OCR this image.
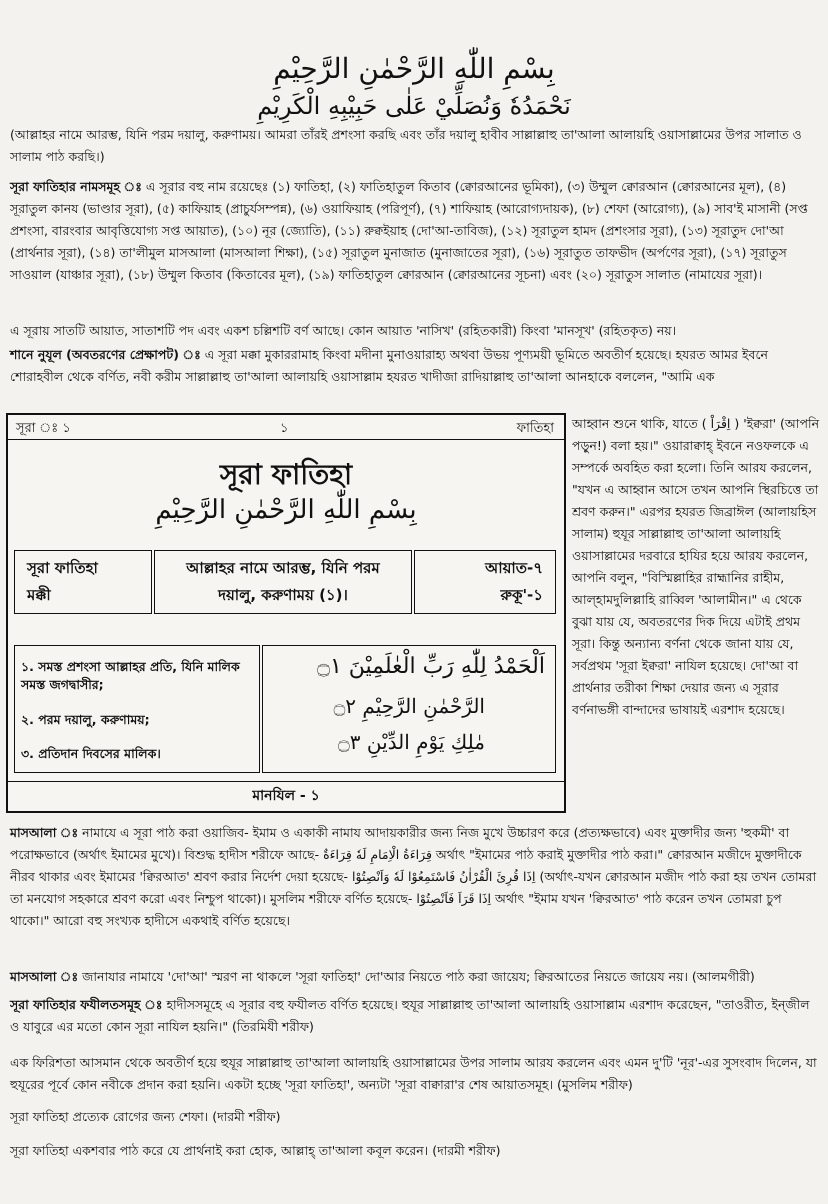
بِسْمِ اللّٰهِ الرَّحْمٰنِ الرَّحِيْمِ
نَحْمَدُهٗ وَنُصَلِّيْ عَلٰى حَبِيْبِهِ الْكَرِيْمِ
(আল্লাহর নামে আরম্ভ, যিনি পরম দয়ালু, করুণাময়। আমরা তাঁরই প্রশংসা করছি এবং তাঁর দয়ালু হাবীব সাল্লাল্লাহু তা'আলা আলায়হি ওয়াসাল্লামের উপর সালাত ও সালাম পাঠ করছি।)
সূরা ফাতিহার নামসমূহ ঃ এ সূরার বহু নাম রয়েছেঃ (১) ফাতিহা, (২) ফাতিহাতুল কিতাব (ক্বোরআনের ভূমিকা), (৩) উম্মুল ক্বোরআন (ক্বোরআনের মূল), (৪) সূরাতুল কানয (ভাণ্ডার সূরা), (৫) কাফিয়াহ (প্রাচুর্যসম্পন্ন), (৬) ওয়াফিয়াহ (পরিপূর্ণ), (৭) শাফিয়াহ (আরোগ্যদায়ক), (৮) শেফা (আরোগ্য), (৯) সাব'ই মাসানী (সপ্ত প্রশংসা, বারংবার আবৃত্তিযোগ্য সপ্ত আয়াত), (১০) নূর (জ্যোতি), (১১) রুক্বইয়াহ (দো'আ-তাবিজ), (১২) সূরাতুল হামদ (প্রশংসার সূরা), (১৩) সূরাতুদ দো'আ (প্রার্থনার সূরা), (১৪) তা'লীমুল মাসআলা (মাসআলা শিক্ষা), (১৫) সূরাতুল মুনাজাত (মুনাজাতের সূরা), (১৬) সূরাতুত তাফভীদ (অর্পণের সূরা), (১৭) সূরাতুস সাওয়াল (যাঞ্চার সূরা), (১৮) উম্মুল কিতাব (কিতাবের মূল), (১৯) ফাতিহাতুল ক্বোরআন (ক্বোরআনের সূচনা) এবং (২০) সূরাতুস সালাত (নামাযের সূরা)।
এ সূরায় সাতটি আয়াত, সাতাশটি পদ এবং একশ চল্লিশটি বর্ণ আছে। কোন আয়াত 'নাসিখ' (রহিতকারী) কিংবা 'মানসূখ' (রহিতকৃত) নয়।
শানে নুযূল (অবতরণের প্রেক্ষাপট) ঃ এ সূরা মক্কা মুকাররামাহ কিংবা মদীনা মুনাওয়ারাহ্য অথবা উভয় পূণ্যময়ী ভূমিতে অবতীর্ণ হয়েছে। হযরত আমর ইবনে শোরাহবীল থেকে বর্ণিত, নবী করীম সাল্লাল্লাহু তা'আলা আলায়হি ওয়াসাল্লাম হযরত খাদীজা রাদিয়াল্লাহু তা'আলা আনহাকে বললেন, "আমি এক
সূরা ঃ ১	১	ফাতিহা
সূরা ফাতিহা
بِسْمِ اللّٰهِ الرَّحْمٰنِ الرَّحِيْمِ
সূরা ফাতিহা
মক্কী
আল্লাহর নামে আরম্ভ, যিনি পরম
দয়ালু, করুণাময় (১)।
আয়াত-৭
রুকূ'-১
১. সমস্ত প্রশংসা আল্লাহর প্রতি, যিনি মালিক সমস্ত জগদ্বাসীর;
২. পরম দয়ালু, করুণাময়;
৩. প্রতিদান দিবসের মালিক।
اَلْحَمْدُ لِلّٰهِ رَبِّ الْعٰلَمِيْنَ ۝١
الرَّحْمٰنِ الرَّحِيْمِ ۝٢
مٰلِكِ يَوْمِ الدِّيْنِ ۝٣
মানযিল - ১
আহ্বান শুনে থাকি, যাতে ( اِقْرَاْ ) 'ইক্বরা' (আপনি পড়ুন!) বলা হয়।" ওয়ারাক্বাহ্ ইবনে নওফলকে এ সম্পর্কে অবহিত করা হলো। তিনি আরয করলেন, "যখন এ আহ্বান আসে তখন আপনি স্থিরচিত্তে তা শ্রবণ করুন।" এরপর হযরত জিব্রাঈল (আলায়হিস সালাম) হুযূর সাল্লাল্লাহু তা'আলা আলায়হি ওয়াসাল্লামের দরবারে হাযির হয়ে আরয করলেন, আপনি বলুন, "বিস্মিল্লাহির রাহ্মানির রাহীম, আল্হামদুলিল্লাহি রাব্বিল 'আলামীন।" এ থেকে বুঝা যায় যে, অবতরণের দিক দিয়ে এটাই প্রথম সূরা। কিন্তু অন্যান্য বর্ণনা থেকে জানা যায় যে, সর্বপ্রথম 'সূরা ইক্বরা' নাযিল হয়েছে। দো'আ বা প্রার্থনার তরীকা শিক্ষা দেয়ার জন্য এ সূরার বর্ণনাভঙ্গী বান্দাদের ভাষায়ই এরশাদ হয়েছে।
মাসআলা ঃ নামাযে এ সূরা পাঠ করা ওয়াজিব- ইমাম ও একাকী নামায আদায়কারীর জন্য নিজ মুখে উচ্চারণ করে (প্রত্যক্ষভাবে) এবং মুক্তাদীর জন্য 'হুকমী' বা পরোক্ষভাবে (অর্থাৎ ইমামের মুখে)। বিশুদ্ধ হাদীস শরীফে আছে- قِرَاءَةُ الْاِمَامِ لَهٗ قِرَاءَةٌ অর্থাৎ "ইমামের পাঠ করাই মুক্তাদীর পাঠ করা।" ক্বোরআন মজীদে মুক্তাদীকে নীরব থাকার এবং ইমামের 'ক্বিরআত' শ্রবণ করার নির্দেশ দেয়া হয়েছে- اِذَا قُرِئَ الْقُرْاٰنُ فَاسْتَمِعُوْا لَهٗ وَاَنْصِتُوْا (অর্থাৎ-যখন ক্বোরআন মজীদ পাঠ করা হয় তখন তোমরা তা মনযোগ সহকারে শ্রবণ করো এবং নিশ্চুপ থাকো)। মুসলিম শরীফে বর্ণিত হয়েছে- اِذَا قَرَاَ فَاَنْصِتُوْا অর্থাৎ "ইমাম যখন 'ক্বিরআত' পাঠ করেন তখন তোমরা চুপ থাকো।" আরো বহু সংখ্যক হাদীসে একথাই বর্ণিত হয়েছে।
মাসআলা ঃ জানাযার নামাযে 'দো'আ' স্মরণ না থাকলে 'সূরা ফাতিহা' দো'আর নিয়তে পাঠ করা জায়েয; ক্বিরআতের নিয়তে জায়েয নয়। (আলমগীরী)
সূরা ফাতিহার ফযীলতসমূহ ঃ হাদীসসমূহে এ সূরার বহু ফযীলত বর্ণিত হয়েছে। হুযূর সাল্লাল্লাহু তা'আলা আলায়হি ওয়াসাল্লাম এরশাদ করেছেন, "তাওরীত, ইন্জীল ও যাবুরে এর মতো কোন সূরা নাযিল হয়নি।" (তিরমিযী শরীফ)
এক ফিরিশতা আসমান থেকে অবতীর্ণ হয়ে হুযূর সাল্লাল্লাহু তা'আলা আলায়হি ওয়াসাল্লামের উপর সালাম আরয করলেন এবং এমন দু'টি 'নূর'-এর সুসংবাদ দিলেন, যা হুযূরের পূর্বে কোন নবীকে প্রদান করা হয়নি। একটা হচ্ছে 'সূরা ফাতিহা', অন্যটা 'সূরা বাক্বারা'র শেষ আয়াতসমূহ। (মুসলিম শরীফ)
সূরা ফাতিহা প্রত্যেক রোগের জন্য শেফা। (দারমী শরীফ)
সূরা ফাতিহা একশবার পাঠ করে যে প্রার্থনাই করা হোক, আল্লাহ্ তা'আলা কবূল করেন। (দারমী শরীফ)
